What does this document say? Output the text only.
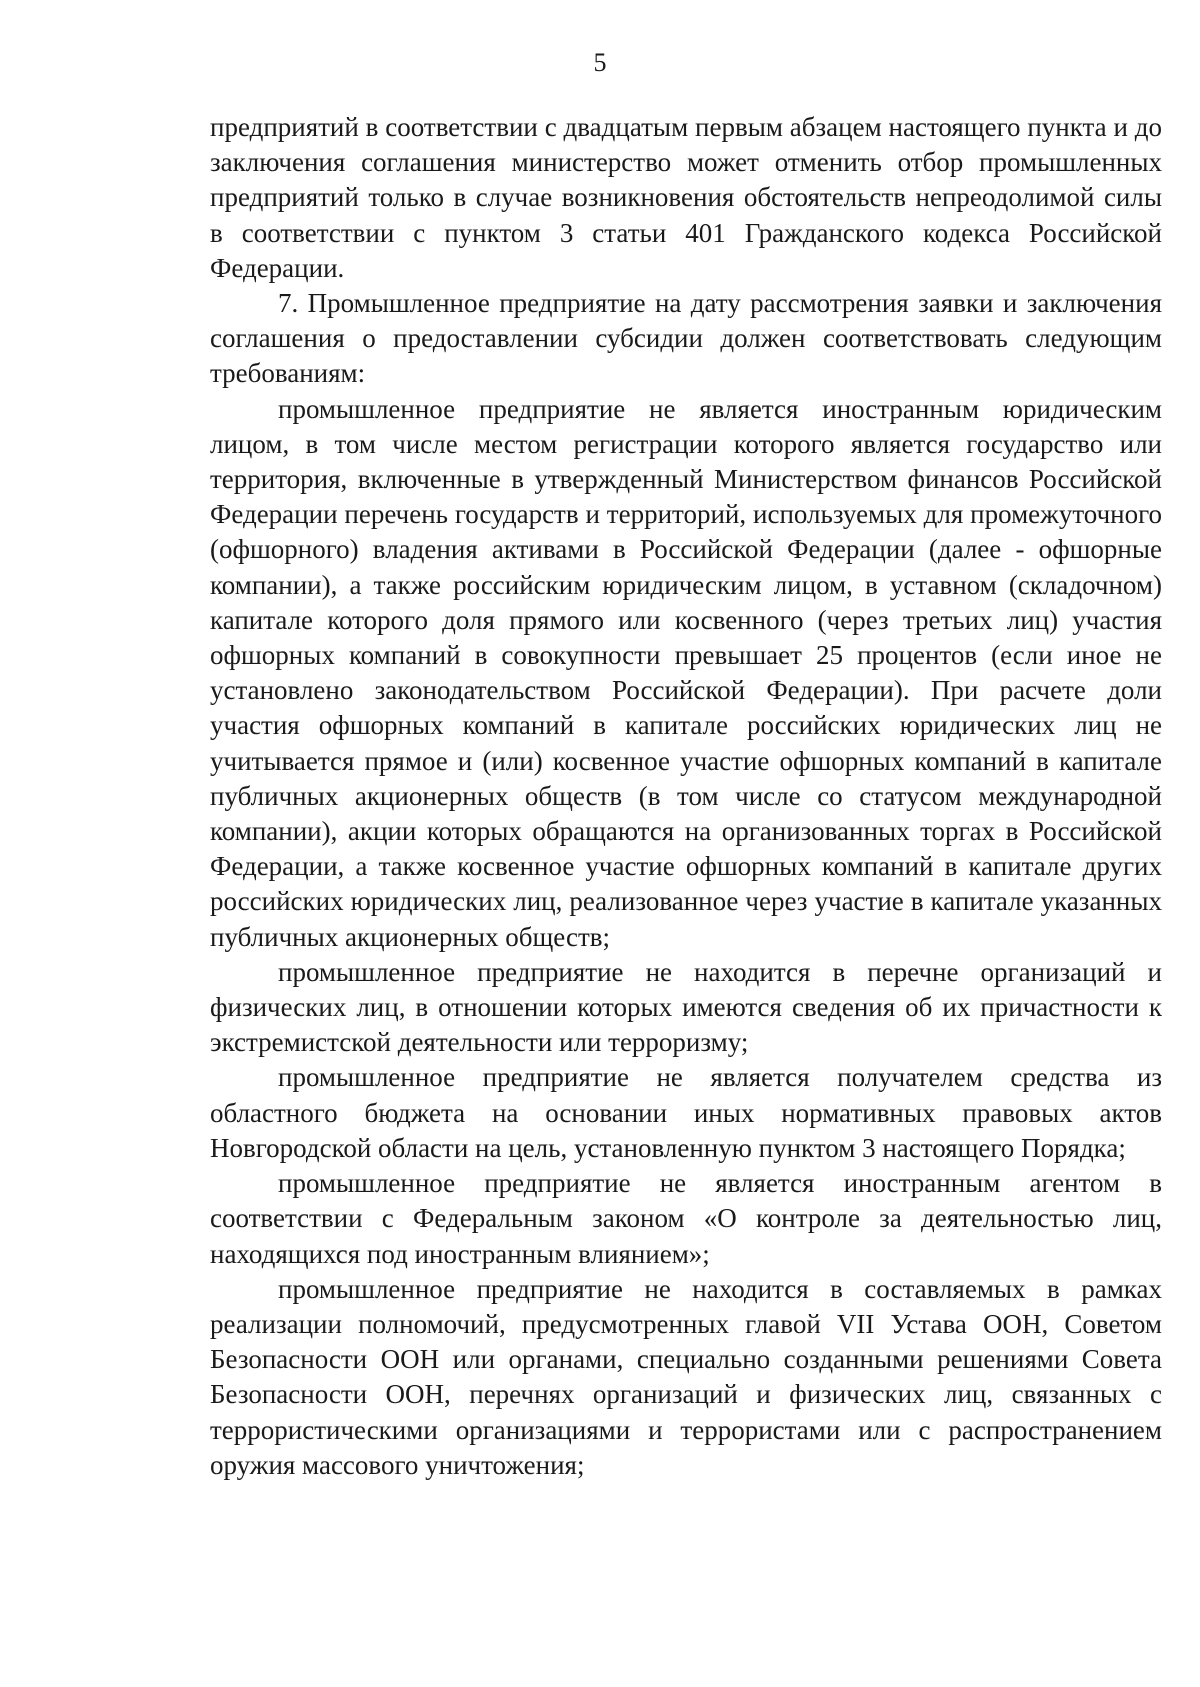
5

предприятий в соответствии с двадцатым первым абзацем настоящего пункта и до заключения соглашения министерство может отменить отбор промышленных предприятий только в случае возникновения обстоятельств непреодолимой силы в соответствии с пунктом 3 статьи 401 Гражданского кодекса Российской Федерации.

7. Промышленное предприятие на дату рассмотрения заявки и заключения соглашения о предоставлении субсидии должен соответствовать следующим требованиям:

промышленное предприятие не является иностранным юридическим лицом, в том числе местом регистрации которого является государство или территория, включенные в утвержденный Министерством финансов Российской Федерации перечень государств и территорий, используемых для промежуточного (офшорного) владения активами в Российской Федерации (далее - офшорные компании), а также российским юридическим лицом, в уставном (складочном) капитале которого доля прямого или косвенного (через третьих лиц) участия офшорных компаний в совокупности превышает 25 процентов (если иное не установлено законодательством Российской Федерации). При расчете доли участия офшорных компаний в капитале российских юридических лиц не учитывается прямое и (или) косвенное участие офшорных компаний в капитале публичных акционерных обществ (в том числе со статусом международной компании), акции которых обращаются на организованных торгах в Российской Федерации, а также косвенное участие офшорных компаний в капитале других российских юридических лиц, реализованное через участие в капитале указанных публичных акционерных обществ;

промышленное предприятие не находится в перечне организаций и физических лиц, в отношении которых имеются сведения об их причастности к экстремистской деятельности или терроризму;

промышленное предприятие не является получателем средства из областного бюджета на основании иных нормативных правовых актов Новгородской области на цель, установленную пунктом 3 настоящего Порядка;

промышленное предприятие не является иностранным агентом в соответствии с Федеральным законом «О контроле за деятельностью лиц, находящихся под иностранным влиянием»;

промышленное предприятие не находится в составляемых в рамках реализации полномочий, предусмотренных главой VII Устава ООН, Советом Безопасности ООН или органами, специально созданными решениями Совета Безопасности ООН, перечнях организаций и физических лиц, связанных с террористическими организациями и террористами или с распространением оружия массового уничтожения;
